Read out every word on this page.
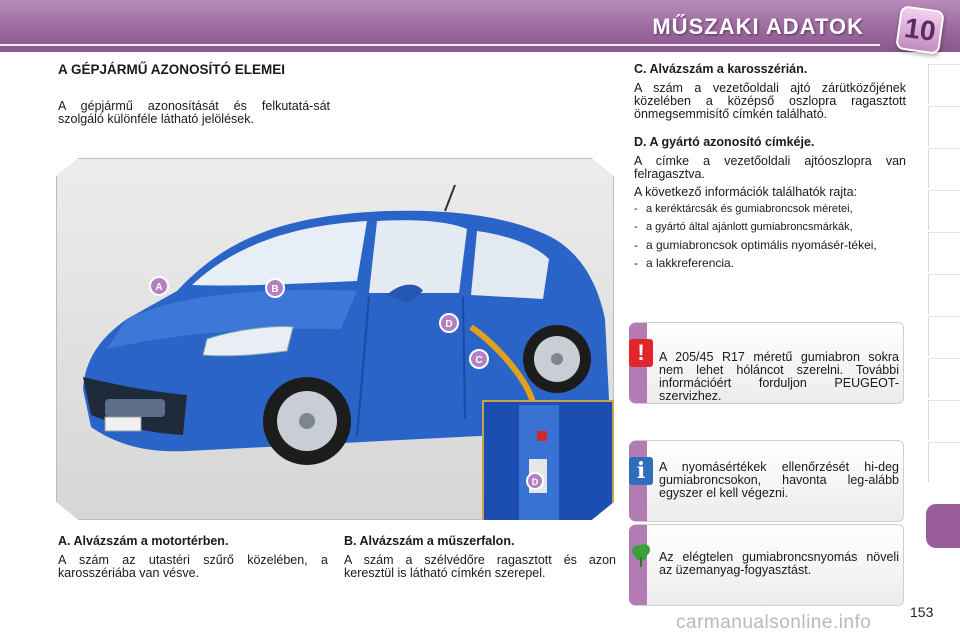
MŰSZAKI ADATOK 10
A GÉPJÁRMŰ AZONOSÍTÓ ELEMEI
A gépjármű azonosítását és felkutatá-sát szolgáló különféle látható jelölések.
C. Alvázszám a karosszérián.
A szám a vezetőoldali ajtó zárütközőjének közelében a középső oszlopra ragasztott önmegsemmisítő címkén található.
D. A gyártó azonosító címkéje.
A címke a vezetőoldali ajtóoszlopra van felragasztva.
A következő információk találhatók rajta:
- a keréktárcsák és gumiabroncsok méretei,
- a gyártó által ajánlott gumiabroncsmárkák,
- a gumiabroncsok optimális nyomásér-tékei,
- a lakkreferencia.
A	B
D
C
D
A. Alvázszám a motortérben.
A szám az utastéri szűrő közelében, a karosszériába van vésve.
B. Alvázszám a műszerfalon.
A szám a szélvédőre ragasztott és azon keresztül is látható címkén szerepel.
!	A 205/45 R17 méretű gumiabron sokra nem lehet hóláncot szerelni. További információért forduljon PEUGEOT-szervizhez.
i	A nyomásértékek ellenőrzését hi-deg gumiabroncsokon, havonta leg-alább egyszer el kell végezni.
Az elégtelen gumiabroncsnyomás növeli az üzemanyag-fogyasztást.
153
carmanualsonline.info
